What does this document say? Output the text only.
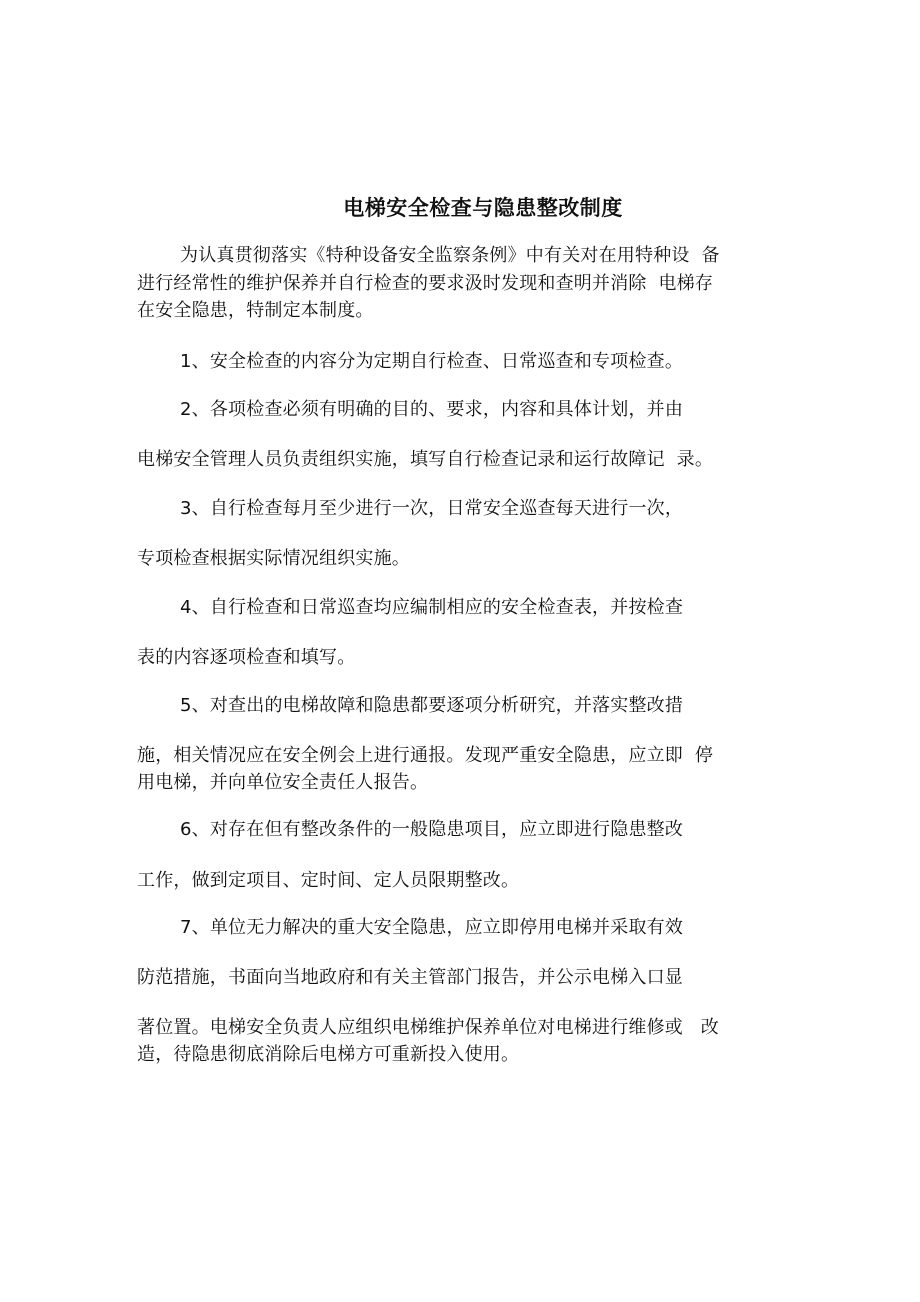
电梯安全检查与隐患整改制度
为认真贯彻落实《特种设备安全监察条例》中有关对在用特种设  备
进行经常性的维护保养并自行检查的要求汲时发现和查明并消除  电梯存
在安全隐患，特制定本制度。
1、安全检查的内容分为定期自行检查、日常巡查和专项检查。
2、各项检查必须有明确的目的、要求，内容和具体计划，并由
电梯安全管理人员负责组织实施，填写自行检查记录和运行故障记  录。
3、自行检查每月至少进行一次，日常安全巡查每天进行一次，
专项检查根据实际情况组织实施。
4、自行检查和日常巡查均应编制相应的安全检查表，并按检查
表的内容逐项检查和填写。
5、对查出的电梯故障和隐患都要逐项分析研究，并落实整改措
施，相关情况应在安全例会上进行通报。发现严重安全隐患，应立即  停
用电梯，并向单位安全责任人报告。
6、对存在但有整改条件的一般隐患项目，应立即进行隐患整改
工作，做到定项目、定时间、定人员限期整改。
7、单位无力解决的重大安全隐患，应立即停用电梯并采取有效
防范措施，书面向当地政府和有关主管部门报告，并公示电梯入口显
著位置。电梯安全负责人应组织电梯维护保养单位对电梯进行维修或   改
造，待隐患彻底消除后电梯方可重新投入使用。
